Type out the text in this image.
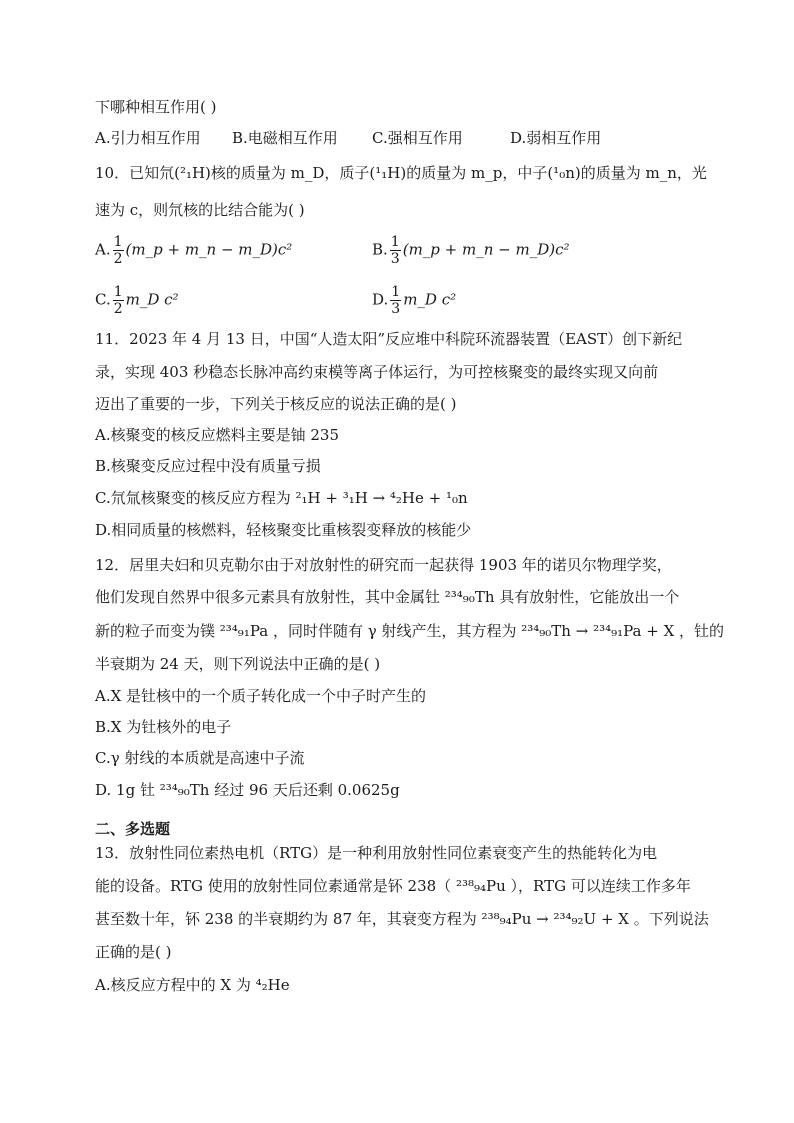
下哪种相互作用( )
A.引力相互作用 B.电磁相互作用 C.强相互作用	D.弱相互作用
10．已知氘(²₁H)核的质量为 m_D，质子(¹₁H)的质量为 m_p，中子(¹₀n)的质量为 m_n，光
速为 c，则氘核的比结合能为( )
A. $\frac{1}{2}$ (m_p + m_n − m_D)c²	B. $\frac{1}{3}$ (m_p + m_n − m_D)c²
C. $\frac{1}{2}$ m_D c²	D. $\frac{1}{3}$ m_D c²
11．2023 年 4 月 13 日，中国“人造太阳”反应堆中科院环流器装置（EAST）创下新纪
录，实现 403 秒稳态长脉冲高约束模等离子体运行，为可控核聚变的最终实现又向前
迈出了重要的一步，下列关于核反应的说法正确的是( )
A.核聚变的核反应燃料主要是铀 235
B.核聚变反应过程中没有质量亏损
C.氘氚核聚变的核反应方程为 ²₁H + ³₁H → ⁴₂He + ¹₀n
D.相同质量的核燃料，轻核聚变比重核裂变释放的核能少
12．居里夫妇和贝克勒尔由于对放射性的研究而一起获得 1903 年的诺贝尔物理学奖，
他们发现自然界中很多元素具有放射性，其中金属钍 ²³⁴₉₀Th 具有放射性，它能放出一个
新的粒子而变为镤 ²³⁴₉₁Pa ，同时伴随有 γ 射线产生，其方程为 ²³⁴₉₀Th → ²³⁴₉₁Pa + X ，钍的
半衰期为 24 天，则下列说法中正确的是( )
A.X 是钍核中的一个质子转化成一个中子时产生的
B.X 为钍核外的电子
C.γ 射线的本质就是高速中子流
D. 1g 钍 ²³⁴₉₀Th 经过 96 天后还剩 0.0625g
二、多选题
13．放射性同位素热电机（RTG）是一种利用放射性同位素衰变产生的热能转化为电
能的设备。RTG 使用的放射性同位素通常是钚 238（ ²³⁸₉₄Pu ），RTG 可以连续工作多年
甚至数十年，钚 238 的半衰期约为 87 年，其衰变方程为 ²³⁸₉₄Pu → ²³⁴₉₂U + X 。下列说法
正确的是( )
A.核反应方程中的 X 为 ⁴₂He
